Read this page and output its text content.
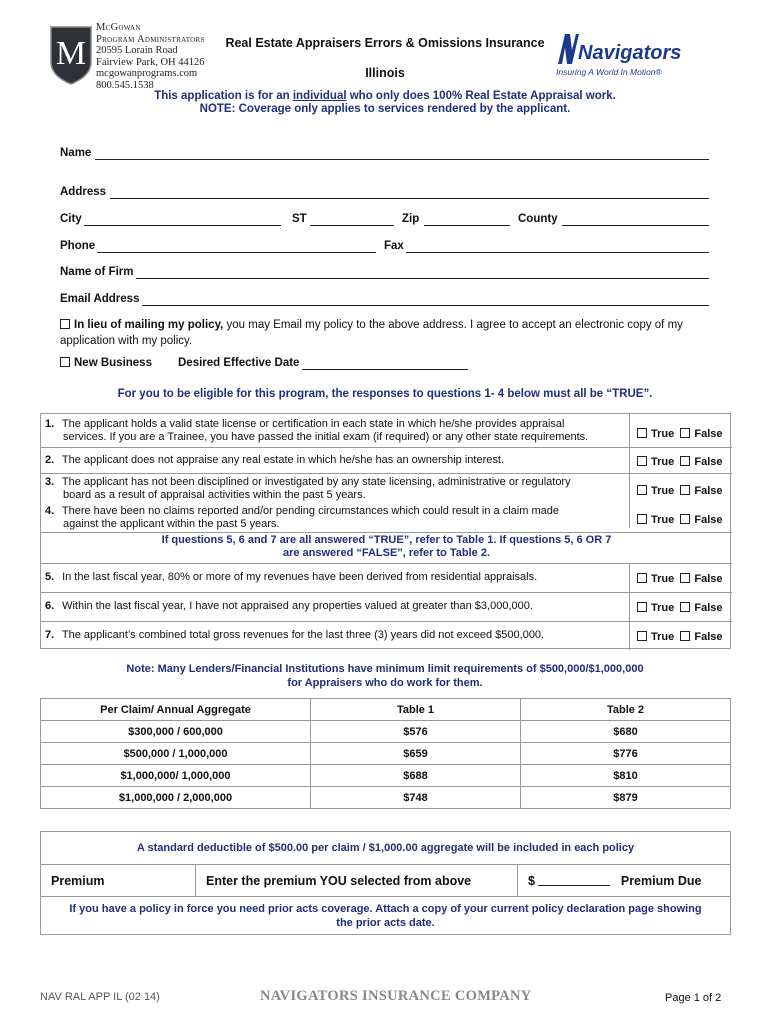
M
McGowan
Program Administrators
20595 Lorain Road
Fairview Park, OH 44126
mcgowanprograms.com
800.545.1538
Real Estate Appraisers Errors & Omissions Insurance
Illinois
Navigators
Insuring A World In Motion®
This application is for an individual who only does 100% Real Estate Appraisal work.
NOTE: Coverage only applies to services rendered by the applicant.
Name
Address
City	ST	Zip	County
Phone	Fax
Name of Firm
Email Address
In lieu of mailing my policy, you may Email my policy to the above address. I agree to accept an electronic copy of my
application with my policy.
New Business Desired Effective Date
For you to be eligible for this program, the responses to questions 1- 4 below must all be “TRUE”.
1. The applicant holds a valid state license or certification in each state in which he/she provides appraisal
services. If you are a Trainee, you have passed the initial exam (if required) or any other state requirements.	True False
2. The applicant does not appraise any real estate in which he/she has an ownership interest.	True False
3. The applicant has not been disciplined or investigated by any state licensing, administrative or regulatory
board as a result of appraisal activities within the past 5 years.	True False
4. There have been no claims reported and/or pending circumstances which could result in a claim made
against the applicant within the past 5 years.	True False
If questions 5, 6 and 7 are all answered “TRUE”, refer to Table 1. If questions 5, 6 OR 7
are answered “FALSE”, refer to Table 2.
5. In the last fiscal year, 80% or more of my revenues have been derived from residential appraisals.	True False
6. Within the last fiscal year, I have not appraised any properties valued at greater than $3,000,000.	True False
7. The applicant’s combined total gross revenues for the last three (3) years did not exceed $500,000.	True False
Note: Many Lenders/Financial Institutions have minimum limit requirements of $500,000/$1,000,000
for Appraisers who do work for them.
Per Claim/ Annual Aggregate	Table 1	Table 2
$300,000 / 600,000	$576	$680
$500,000 / 1,000,000	$659	$776
$1,000,000/ 1,000,000	$688	$810
$1,000,000 / 2,000,000	$748	$879
A standard deductible of $500.00 per claim / $1,000.00 aggregate will be included in each policy
Premium	Enter the premium YOU selected from above	$	Premium Due

If you have a policy in force you need prior acts coverage. Attach a copy of your current policy declaration page showing
the prior acts date.
NAV RAL APP IL (02 14)	NAVIGATORS INSURANCE COMPANY	Page 1 of 2
